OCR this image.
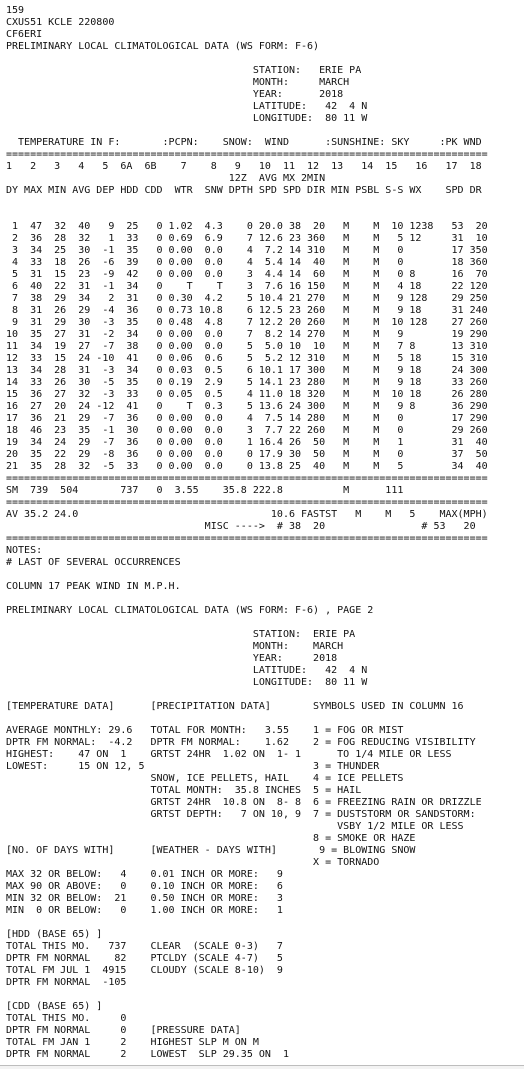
159
CXUS51 KCLE 220800
CF6ERI
PRELIMINARY LOCAL CLIMATOLOGICAL DATA (WS FORM: F-6)
STATION:   ERIE PA
MONTH:     MARCH
YEAR:      2018
LATITUDE:   42  4 N
LONGITUDE:  80 11 W
TEMPERATURE IN F:       :PCPN:    SNOW:  WIND      :SUNSHINE: SKY     :PK WND
================================================================================
1   2   3   4   5  6A  6B    7    8   9   10  11  12  13   14  15   16   17  18
12Z  AVG MX 2MIN
DY MAX MIN AVG DEP HDD CDD  WTR  SNW DPTH SPD SPD DIR MIN PSBL S-S WX    SPD DR
1  47  32  40   9  25   0 1.02  4.3    0 20.0 38  20   M    M  10 1238   53  20
2  36  28  32   1  33   0 0.69  6.9    7 12.6 23 360   M    M   5 12     31  10
3  34  25  30  -1  35   0 0.00  0.0    4  7.2 14 310   M    M   0        17 350
4  33  18  26  -6  39   0 0.00  0.0    4  5.4 14  40   M    M   0        18 360
5  31  15  23  -9  42   0 0.00  0.0    3  4.4 14  60   M    M   0 8      16  70
6  40  22  31  -1  34   0    T    T    3  7.6 16 150   M    M   4 18     22 120
7  38  29  34   2  31   0 0.30  4.2    5 10.4 21 270   M    M   9 128    29 250
8  31  26  29  -4  36   0 0.73 10.8    6 12.5 23 260   M    M   9 18     31 240
9  31  29  30  -3  35   0 0.48  4.8    7 12.2 20 260   M    M  10 128    27 260
10  35  27  31  -2  34   0 0.00  0.0    7  8.2 14 270   M    M   9        19 290
11  34  19  27  -7  38   0 0.00  0.0    5  5.0 10  10   M    M   7 8      13 310
12  33  15  24 -10  41   0 0.06  0.6    5  5.2 12 310   M    M   5 18     15 310
13  34  28  31  -3  34   0 0.03  0.5    6 10.1 17 300   M    M   9 18     24 300
14  33  26  30  -5  35   0 0.19  2.9    5 14.1 23 280   M    M   9 18     33 260
15  36  27  32  -3  33   0 0.05  0.5    4 11.0 18 320   M    M  10 18     26 280
16  27  20  24 -12  41   0    T  0.3    5 13.6 24 300   M    M   9 8      36 290
17  36  21  29  -7  36   0 0.00  0.0    4  7.5 14 280   M    M   0        17 290
18  46  23  35  -1  30   0 0.00  0.0    3  7.7 22 260   M    M   0        29 260
19  34  24  29  -7  36   0 0.00  0.0    1 16.4 26  50   M    M   1        31  40
20  35  22  29  -8  36   0 0.00  0.0    0 17.9 30  50   M    M   0        37  50
21  35  28  32  -5  33   0 0.00  0.0    0 13.8 25  40   M    M   5        34  40
================================================================================
SM  739  504       737   0  3.55    35.8 222.8          M      111
================================================================================
AV 35.2 24.0                                10.6 FASTST   M    M   5    MAX(MPH)
MISC ---->  # 38  20                # 53   20
================================================================================
NOTES:
# LAST OF SEVERAL OCCURRENCES
COLUMN 17 PEAK WIND IN M.P.H.
PRELIMINARY LOCAL CLIMATOLOGICAL DATA (WS FORM: F-6) , PAGE 2
STATION:  ERIE PA
MONTH:    MARCH
YEAR:     2018
LATITUDE:   42  4 N
LONGITUDE:  80 11 W
[TEMPERATURE DATA]      [PRECIPITATION DATA]       SYMBOLS USED IN COLUMN 16
AVERAGE MONTHLY: 29.6   TOTAL FOR MONTH:   3.55    1 = FOG OR MIST
DPTR FM NORMAL:  -4.2   DPTR FM NORMAL:    1.62    2 = FOG REDUCING VISIBILITY
HIGHEST:    47 ON  1    GRTST 24HR  1.02 ON  1- 1      TO 1/4 MILE OR LESS
LOWEST:     15 ON 12, 5                            3 = THUNDER
SNOW, ICE PELLETS, HAIL    4 = ICE PELLETS
TOTAL MONTH:  35.8 INCHES  5 = HAIL
GRTST 24HR  10.8 ON  8- 8  6 = FREEZING RAIN OR DRIZZLE
GRTST DEPTH:   7 ON 10, 9  7 = DUSTSTORM OR SANDSTORM:
VSBY 1/2 MILE OR LESS
8 = SMOKE OR HAZE
[NO. OF DAYS WITH]      [WEATHER - DAYS WITH]       9 = BLOWING SNOW
X = TORNADO
MAX 32 OR BELOW:   4    0.01 INCH OR MORE:   9
MAX 90 OR ABOVE:   0    0.10 INCH OR MORE:   6
MIN 32 OR BELOW:  21    0.50 INCH OR MORE:   3
MIN  0 OR BELOW:   0    1.00 INCH OR MORE:   1
[HDD (BASE 65) ]
TOTAL THIS MO.   737    CLEAR  (SCALE 0-3)   7
DPTR FM NORMAL    82    PTCLDY (SCALE 4-7)   5
TOTAL FM JUL 1  4915    CLOUDY (SCALE 8-10)  9
DPTR FM NORMAL  -105
[CDD (BASE 65) ]
TOTAL THIS MO.     0
DPTR FM NORMAL     0    [PRESSURE DATA]
TOTAL FM JAN 1     2    HIGHEST SLP M ON M
DPTR FM NORMAL     2    LOWEST  SLP 29.35 ON  1
